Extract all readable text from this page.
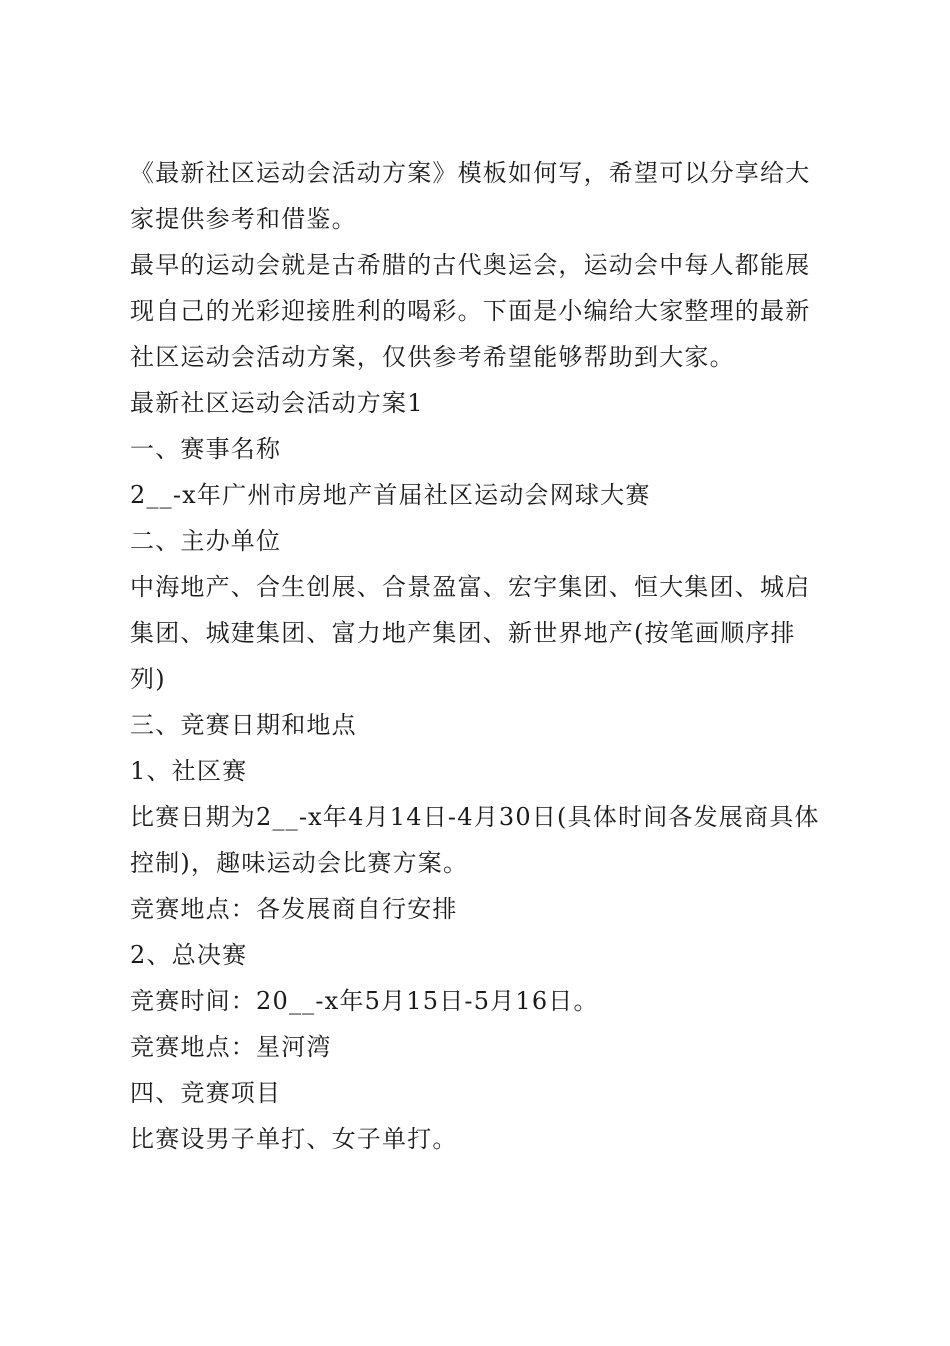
《最新社区运动会活动方案》模板如何写，希望可以分享给大家提供参考和借鉴。

最早的运动会就是古希腊的古代奥运会，运动会中每人都能展现自己的光彩迎接胜利的喝彩。下面是小编给大家整理的最新社区运动会活动方案，仅供参考希望能够帮助到大家。

最新社区运动会活动方案1

一、赛事名称

2__-x年广州市房地产首届社区运动会网球大赛

二、主办单位

中海地产、合生创展、合景盈富、宏宇集团、恒大集团、城启集团、城建集团、富力地产集团、新世界地产(按笔画顺序排列)

三、竞赛日期和地点

1、社区赛

比赛日期为2__-x年4月14日-4月30日(具体时间各发展商具体控制)，趣味运动会比赛方案。

竞赛地点：各发展商自行安排

2、总决赛

竞赛时间：20__-x年5月15日-5月16日。

竞赛地点：星河湾

四、竞赛项目

比赛设男子单打、女子单打。
